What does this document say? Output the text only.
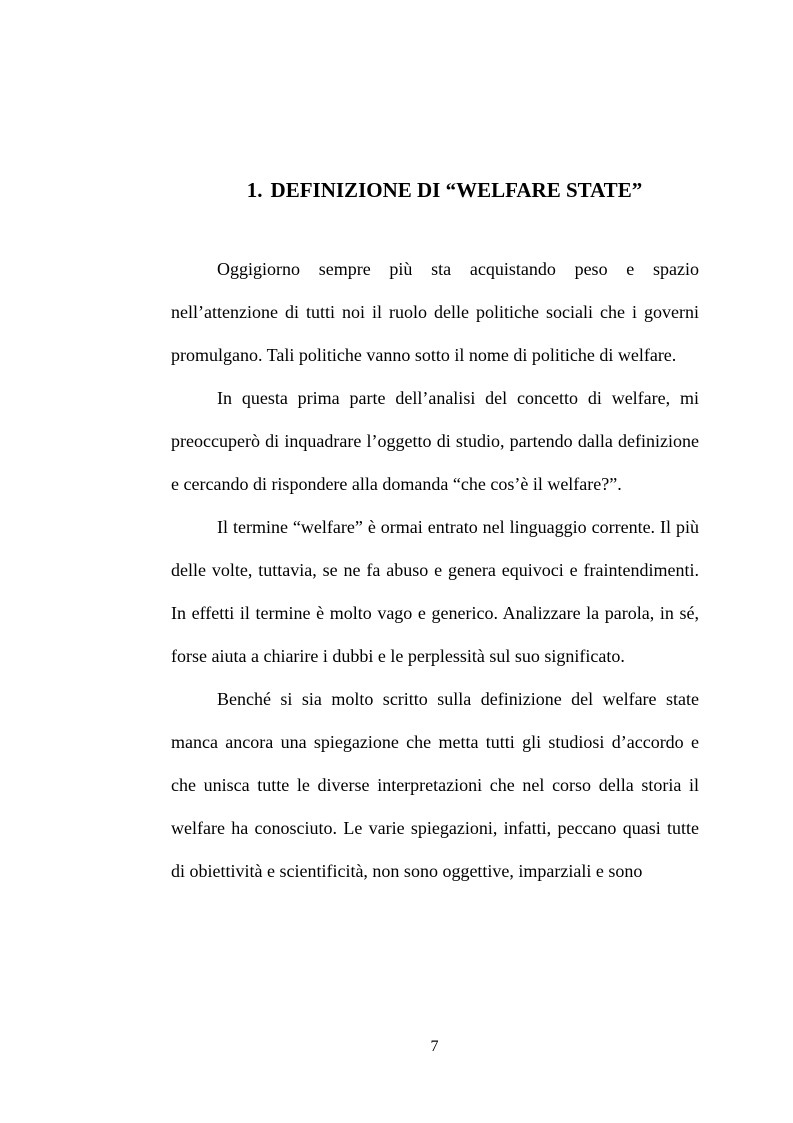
1. DEFINIZIONE DI “WELFARE STATE”

Oggigiorno sempre più sta acquistando peso e spazio nell’attenzione di tutti noi il ruolo delle politiche sociali che i governi promulgano. Tali politiche vanno sotto il nome di politiche di welfare.

In questa prima parte dell’analisi del concetto di welfare, mi preoccuperò di inquadrare l’oggetto di studio, partendo dalla definizione e cercando di rispondere alla domanda “che cos’è il welfare?”.

Il termine “welfare” è ormai entrato nel linguaggio corrente. Il più delle volte, tuttavia, se ne fa abuso e genera equivoci e fraintendimenti. In effetti il termine è molto vago e generico. Analizzare la parola, in sé, forse aiuta a chiarire i dubbi e le perplessità sul suo significato.

Benché si sia molto scritto sulla definizione del welfare state manca ancora una spiegazione che metta tutti gli studiosi d’accordo e che unisca tutte le diverse interpretazioni che nel corso della storia il welfare ha conosciuto. Le varie spiegazioni, infatti, peccano quasi tutte di obiettività e scientificità, non sono oggettive, imparziali e sono

7
